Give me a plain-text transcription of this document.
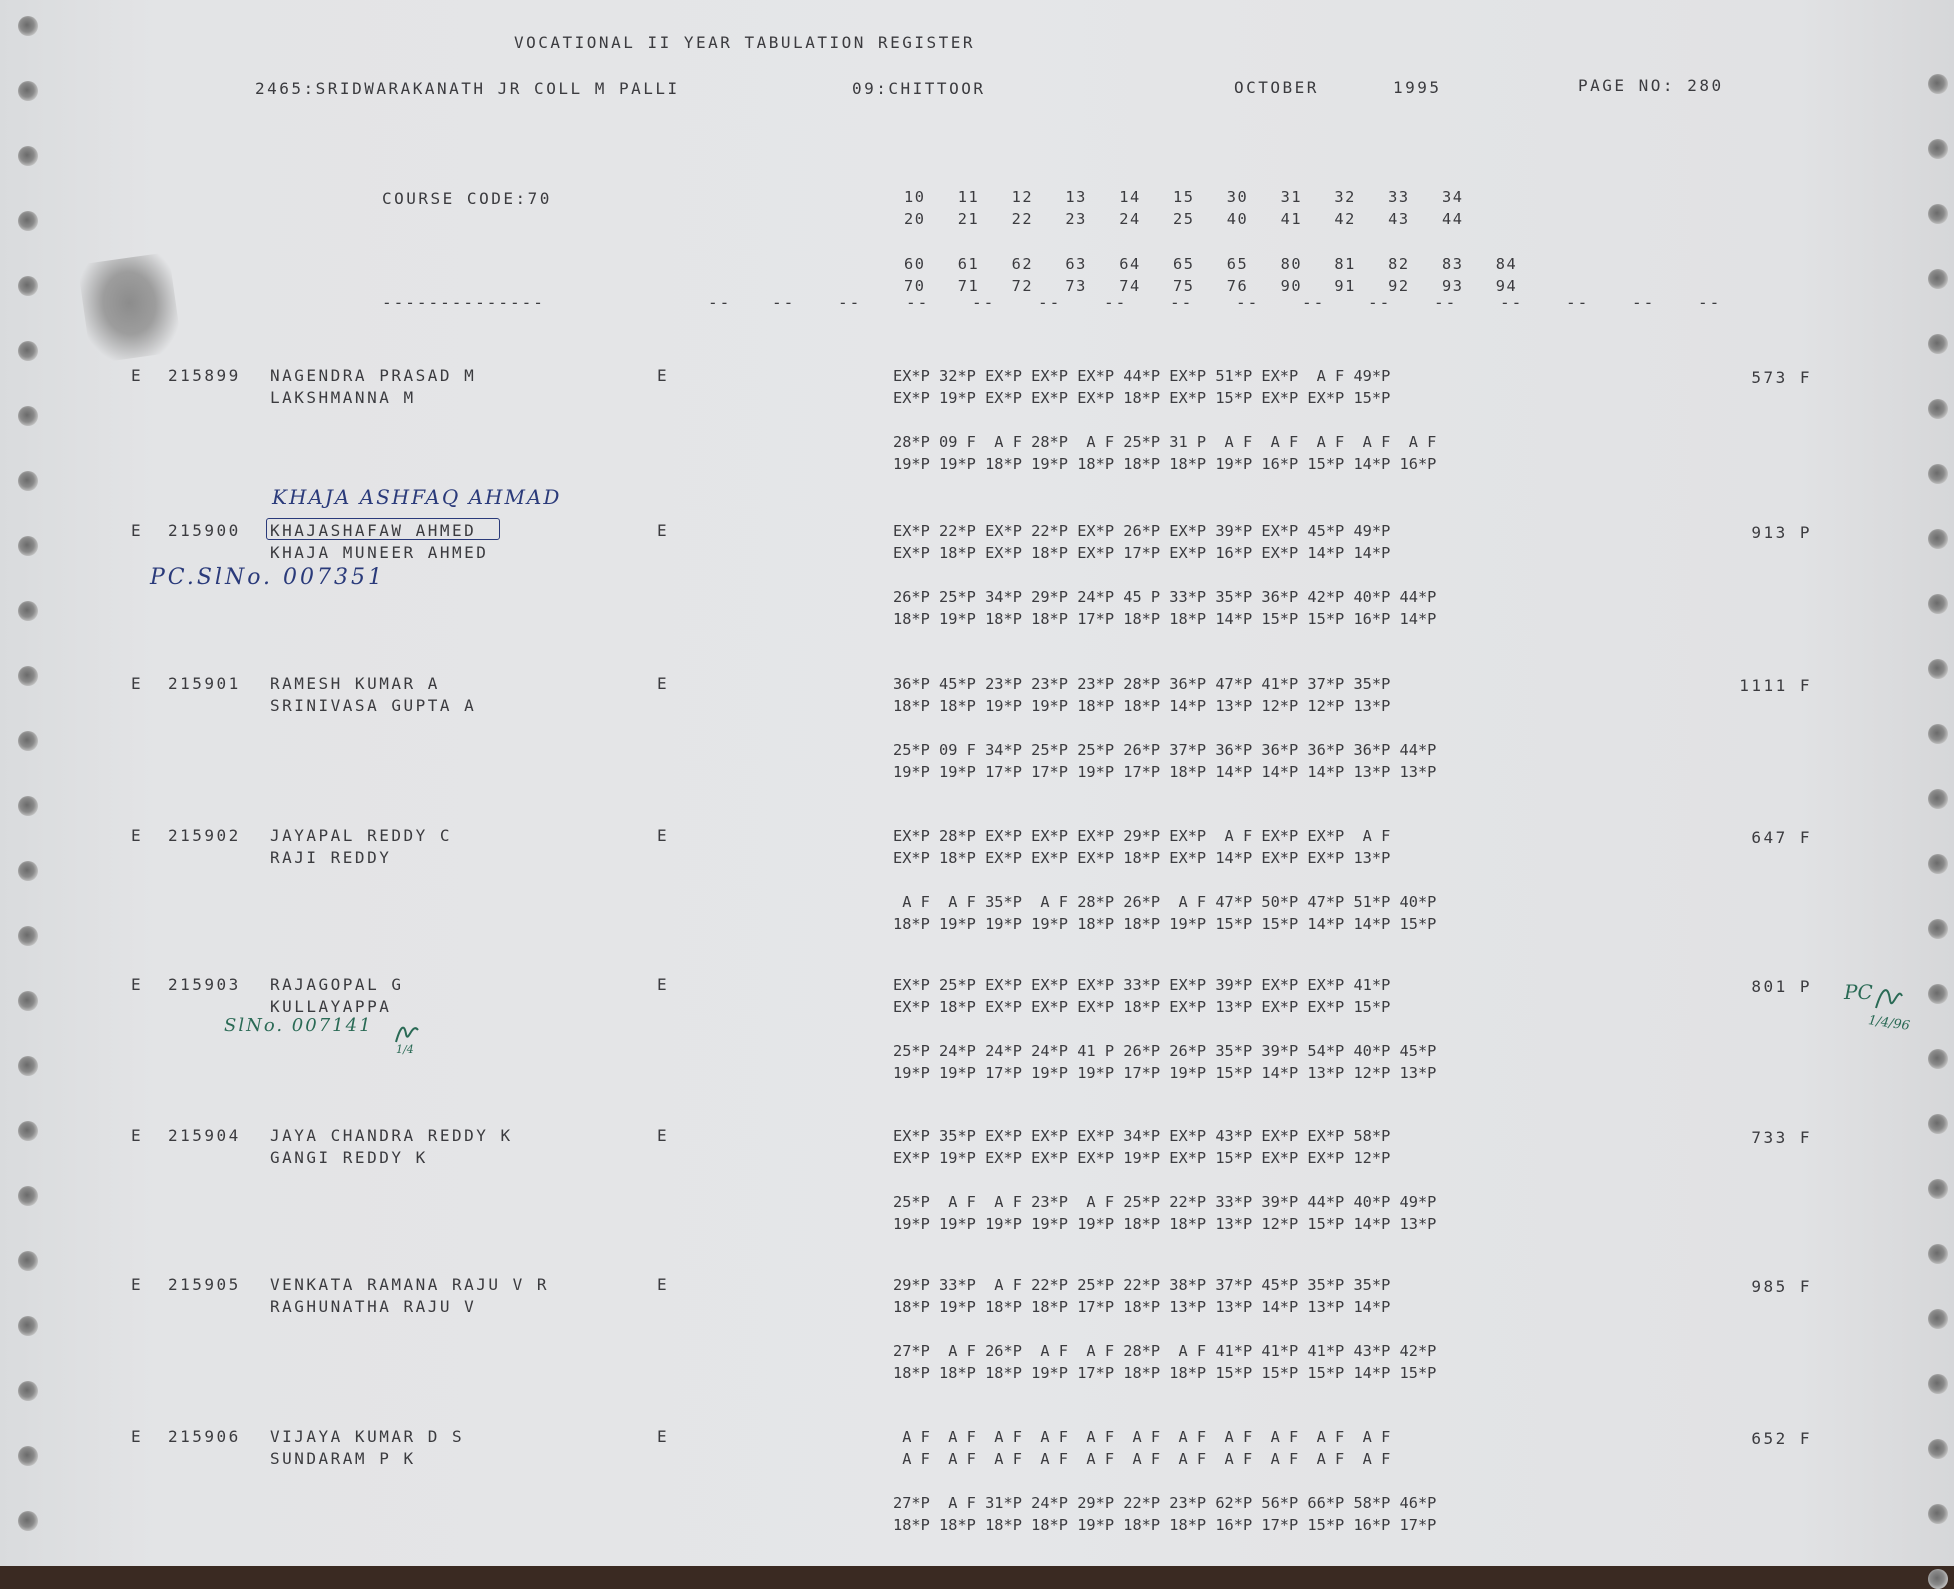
VOCATIONAL II YEAR TABULATION REGISTER
2465:SRIDWARAKANATH JR COLL M PALLI	09:CHITTOOR	OCTOBER	1995	PAGE NO: 280
COURSE CODE:70	10   11   12   13   14   15   30   31   32   33   34
20   21   22   23   24   25   40   41   42   43   44
60   61   62   63   64   65   65   80   81   82   83   84
70   71   72   73   74   75   76   90   91   92   93   94
--------------	--	--	--	--	--	--	--	--	--	--	--	--	--	--	--	--
E 215899 NAGENDRA PRASAD M
LAKSHMANNA M
E	EX*P 32*P EX*P EX*P EX*P 44*P EX*P 51*P EX*P  A F 49*P
EX*P 19*P EX*P EX*P EX*P 18*P EX*P 15*P EX*P EX*P 15*P
28*P 09 F  A F 28*P  A F 25*P 31 P  A F  A F  A F  A F  A F
19*P 19*P 18*P 19*P 18*P 18*P 18*P 19*P 16*P 15*P 14*P 16*P
573 F
E 215900 KHAJASHAFAW AHMED
KHAJA MUNEER AHMED
E	EX*P 22*P EX*P 22*P EX*P 26*P EX*P 39*P EX*P 45*P 49*P
EX*P 18*P EX*P 18*P EX*P 17*P EX*P 16*P EX*P 14*P 14*P
26*P 25*P 34*P 29*P 24*P 45 P 33*P 35*P 36*P 42*P 40*P 44*P
18*P 19*P 18*P 18*P 17*P 18*P 18*P 14*P 15*P 15*P 16*P 14*P
913 P
E 215901 RAMESH KUMAR A
SRINIVASA GUPTA A
E	36*P 45*P 23*P 23*P 23*P 28*P 36*P 47*P 41*P 37*P 35*P
18*P 18*P 19*P 19*P 18*P 18*P 14*P 13*P 12*P 12*P 13*P
25*P 09 F 34*P 25*P 25*P 26*P 37*P 36*P 36*P 36*P 36*P 44*P
19*P 19*P 17*P 17*P 19*P 17*P 18*P 14*P 14*P 14*P 13*P 13*P
1111 F
E 215902 JAYAPAL REDDY C
RAJI REDDY
E	EX*P 28*P EX*P EX*P EX*P 29*P EX*P  A F EX*P EX*P  A F
EX*P 18*P EX*P EX*P EX*P 18*P EX*P 14*P EX*P EX*P 13*P
A F  A F 35*P  A F 28*P 26*P  A F 47*P 50*P 47*P 51*P 40*P
18*P 19*P 19*P 19*P 18*P 18*P 19*P 15*P 15*P 14*P 14*P 15*P
647 F
E 215903 RAJAGOPAL G
KULLAYAPPA
E	EX*P 25*P EX*P EX*P EX*P 33*P EX*P 39*P EX*P EX*P 41*P
EX*P 18*P EX*P EX*P EX*P 18*P EX*P 13*P EX*P EX*P 15*P
25*P 24*P 24*P 24*P 41 P 26*P 26*P 35*P 39*P 54*P 40*P 45*P
19*P 19*P 17*P 19*P 19*P 17*P 19*P 15*P 14*P 13*P 12*P 13*P
801 P
E 215904 JAYA CHANDRA REDDY K
GANGI REDDY K
E	EX*P 35*P EX*P EX*P EX*P 34*P EX*P 43*P EX*P EX*P 58*P
EX*P 19*P EX*P EX*P EX*P 19*P EX*P 15*P EX*P EX*P 12*P
25*P  A F  A F 23*P  A F 25*P 22*P 33*P 39*P 44*P 40*P 49*P
19*P 19*P 19*P 19*P 19*P 18*P 18*P 13*P 12*P 15*P 14*P 13*P
733 F
E 215905 VENKATA RAMANA RAJU V R
RAGHUNATHA RAJU V
E	29*P 33*P  A F 22*P 25*P 22*P 38*P 37*P 45*P 35*P 35*P
18*P 19*P 18*P 18*P 17*P 18*P 13*P 13*P 14*P 13*P 14*P
27*P  A F 26*P  A F  A F 28*P  A F 41*P 41*P 41*P 43*P 42*P
18*P 18*P 18*P 19*P 17*P 18*P 18*P 15*P 15*P 15*P 14*P 15*P
985 F
E 215906 VIJAYA KUMAR D S
SUNDARAM P K
E	A F  A F  A F  A F  A F  A F  A F  A F  A F  A F  A F
A F  A F  A F  A F  A F  A F  A F  A F  A F  A F  A F
27*P  A F 31*P 24*P 29*P 22*P 23*P 62*P 56*P 66*P 58*P 46*P
18*P 18*P 18*P 18*P 19*P 18*P 18*P 16*P 17*P 15*P 16*P 17*P
652 F
KHAJA ASHFAQ AHMAD
PC.SlNo. 007351
SlNo. 007141
1/4
PC
1/4/96
